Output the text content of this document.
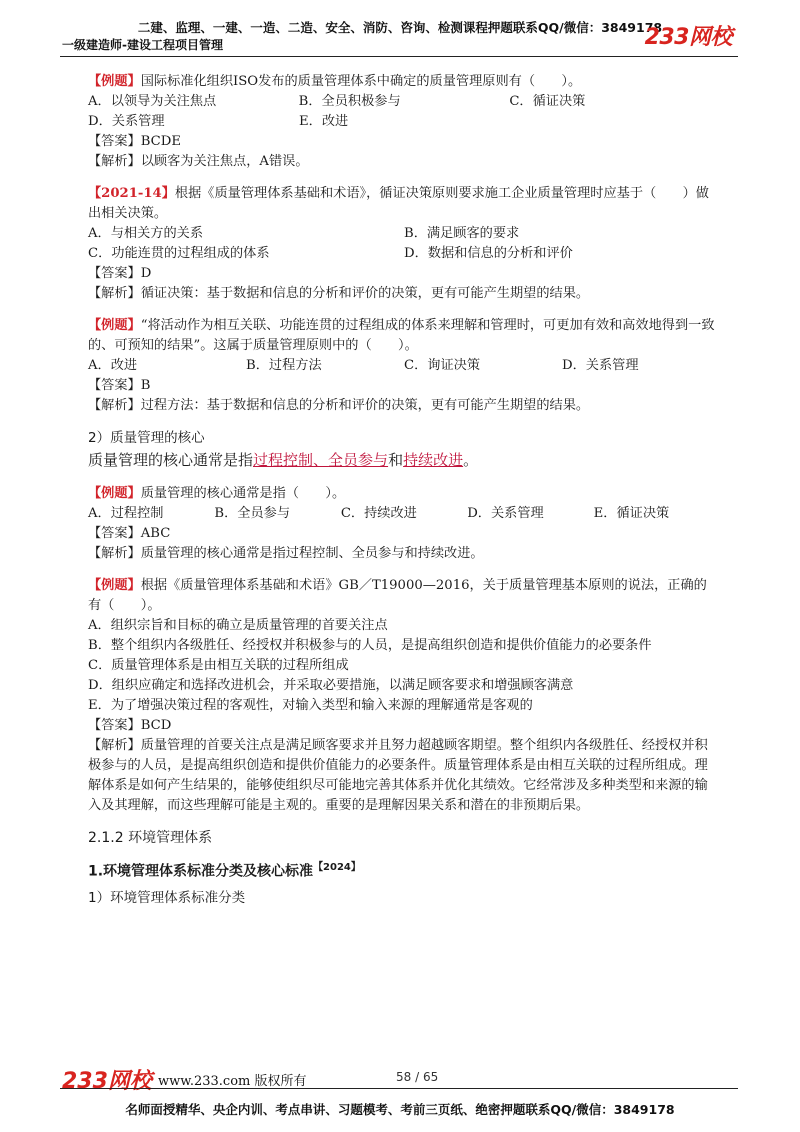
二建、监理、一建、一造、二造、安全、消防、咨询、检测课程押题联系QQ/微信：3849178
一级建造师-建设工程项目管理	233网校
【例题】国际标准化组织ISO发布的质量管理体系中确定的质量管理原则有（　　）。
A．以领导为关注焦点	B．全员积极参与	C．循证决策
D．关系管理	E．改进
【答案】BCDE
【解析】以顾客为关注焦点，A错误。
【2021-14】根据《质量管理体系基础和术语》，循证决策原则要求施工企业质量管理时应基于（　　）做出相关决策。
A．与相关方的关系	B．满足顾客的要求
C．功能连贯的过程组成的体系	D．数据和信息的分析和评价
【答案】D
【解析】循证决策：基于数据和信息的分析和评价的决策，更有可能产生期望的结果。
【例题】“将活动作为相互关联、功能连贯的过程组成的体系来理解和管理时，可更加有效和高效地得到一致的、可预知的结果”。这属于质量管理原则中的（　　）。
A．改进	B．过程方法	C．询证决策	D．关系管理
【答案】B
【解析】过程方法：基于数据和信息的分析和评价的决策，更有可能产生期望的结果。
2）质量管理的核心
质量管理的核心通常是指过程控制、全员参与和持续改进。
【例题】质量管理的核心通常是指（　　）。
A．过程控制	B．全员参与	C．持续改进	D．关系管理	E．循证决策
【答案】ABC
【解析】质量管理的核心通常是指过程控制、全员参与和持续改进。
【例题】根据《质量管理体系基础和术语》GB／T19000—2016，关于质量管理基本原则的说法，正确的有（　　）。
A．组织宗旨和目标的确立是质量管理的首要关注点
B．整个组织内各级胜任、经授权并积极参与的人员，是提高组织创造和提供价值能力的必要条件
C．质量管理体系是由相互关联的过程所组成
D．组织应确定和选择改进机会，并采取必要措施，以满足顾客要求和增强顾客满意
E．为了增强决策过程的客观性，对输入类型和输入来源的理解通常是客观的
【答案】BCD
【解析】质量管理的首要关注点是满足顾客要求并且努力超越顾客期望。整个组织内各级胜任、经授权并积极参与的人员，是提高组织创造和提供价值能力的必要条件。质量管理体系是由相互关联的过程所组成。理解体系是如何产生结果的，能够使组织尽可能地完善其体系并优化其绩效。它经常涉及多种类型和来源的输入及其理解，而这些理解可能是主观的。重要的是理解因果关系和潜在的非预期后果。
2.1.2 环境管理体系
1.环境管理体系标准分类及核心标准$^{【2024】}$
1）环境管理体系标准分类
233网校 www.233.com 版权所有	58 / 65
名师面授精华、央企内训、考点串讲、习题模考、考前三页纸、绝密押题联系QQ/微信：3849178
